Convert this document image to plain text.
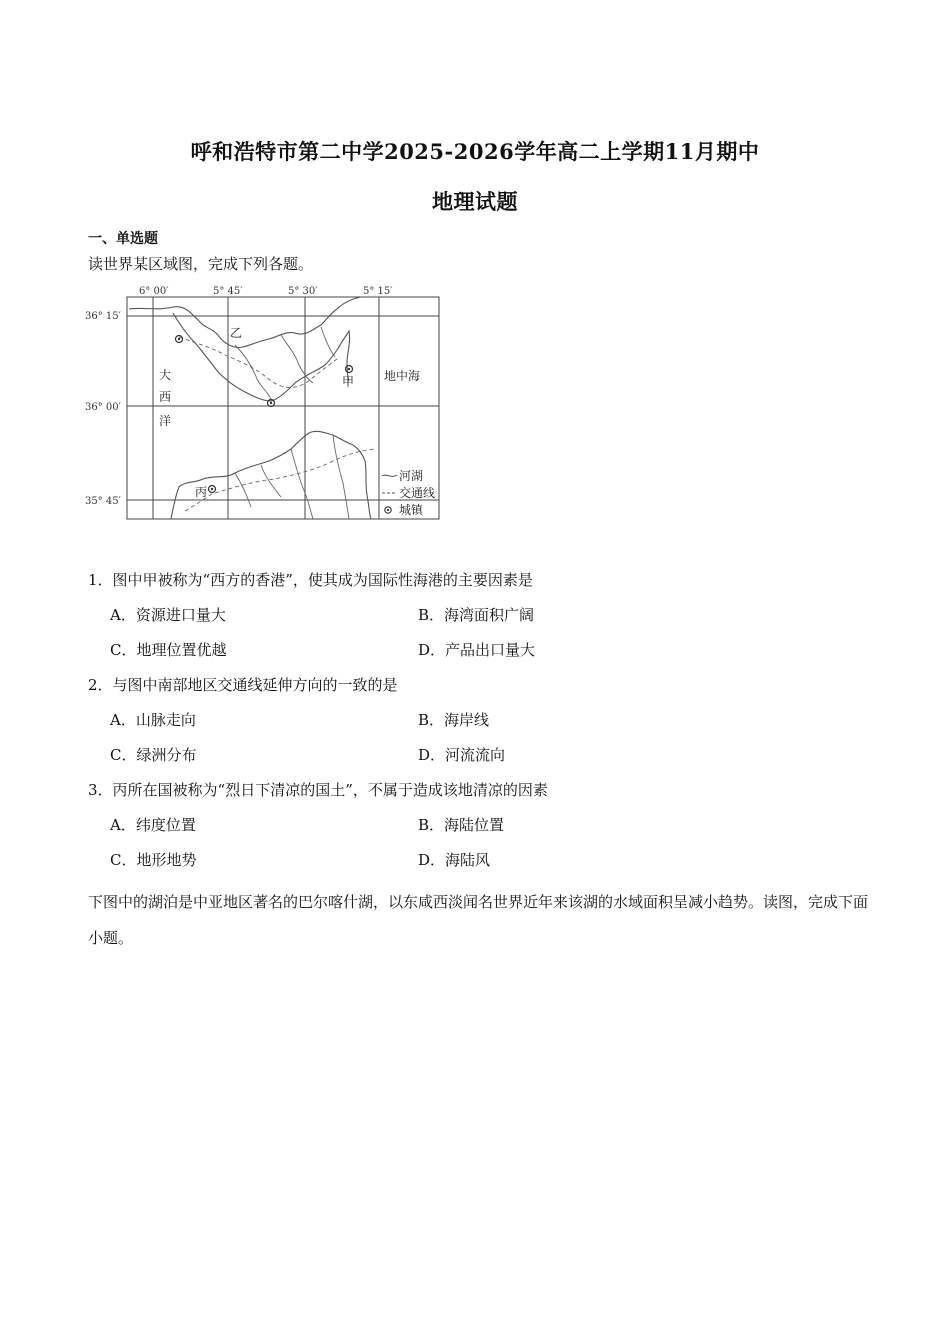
呼和浩特市第二中学2025-2026学年高二上学期11月期中
地理试题
一、单选题
读世界某区域图，完成下列各题。
6° 00′	5° 45′	5° 30′	5° 15′
36° 15′
36° 00′
35° 45′
乙
甲
丙
地中海
大
西
洋
河湖
交通线
城镇
1．图中甲被称为“西方的香港”，使其成为国际性海港的主要因素是
A．资源进口量大	B．海湾面积广阔
C．地理位置优越	D．产品出口量大
2．与图中南部地区交通线延伸方向的一致的是
A．山脉走向	B．海岸线
C．绿洲分布	D．河流流向
3．丙所在国被称为“烈日下清凉的国土”，不属于造成该地清凉的因素
A．纬度位置	B．海陆位置
C．地形地势	D．海陆风
下图中的湖泊是中亚地区著名的巴尔喀什湖，以东咸西淡闻名世界近年来该湖的水域面积呈减小趋势。读图，完成下面小题。
